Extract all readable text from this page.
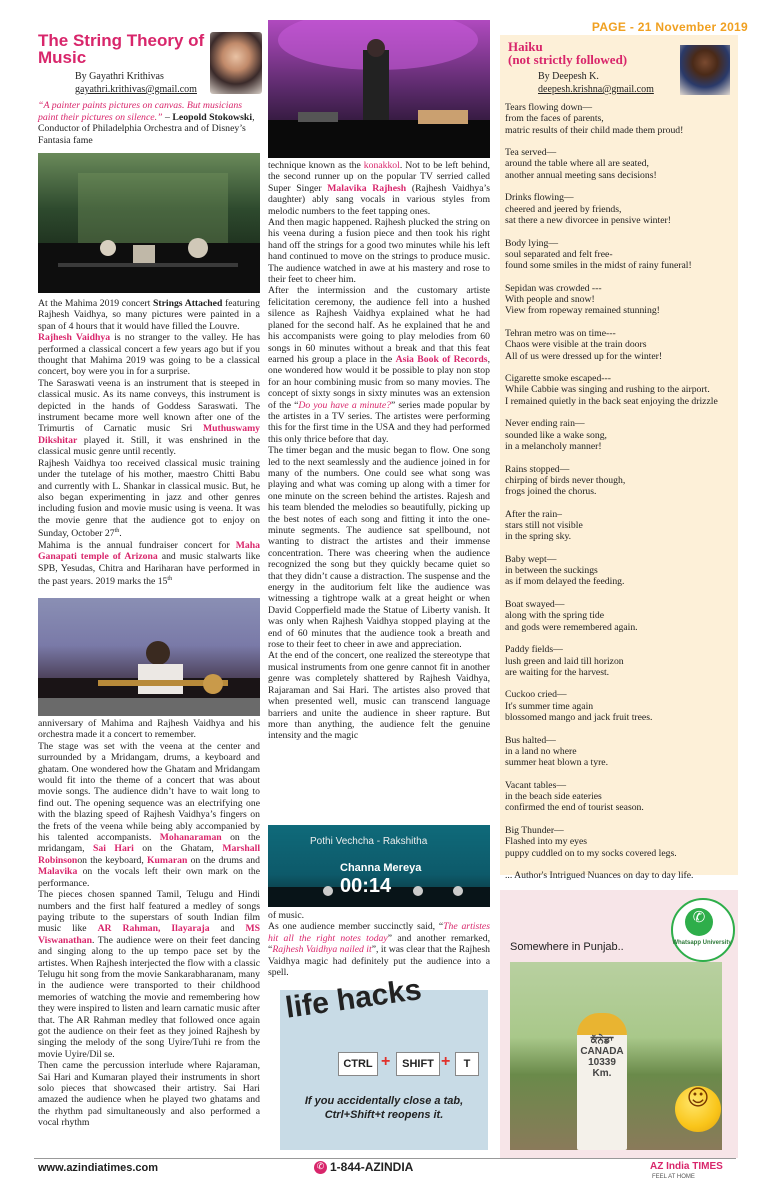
PAGE - 21 November 2019
The String Theory of Music
By Gayathri Krithivas
gayathri.krithivas@gmail.com
“A painter paints pictures on canvas. But musicians paint their pictures on silence.” – Leopold Stokowski, Conductor of Philadelphia Orchestra and of Disney’s Fantasia fame
Pothi Vechcha - Rakshitha
Channa Mereya
00:14

At the Mahima 2019 concert Strings Attached featuring Rajhesh Vaidhya, so many pictures were painted in a span of 4 hours that it would have filled the Louvre.

Rajhesh Vaidhya is no stranger to the valley. He has performed a classical concert a few years ago but if you thought that Mahima 2019 was going to be a classical concert, boy were you in for a surprise.

The Saraswati veena is an instrument that is steeped in classical music. As its name conveys, this instrument is depicted in the hands of Goddess Saraswati. The instrument became more well known after one of the Trimurtis of Carnatic music Sri Muthuswamy Dikshitar played it. Still, it was enshrined in the classical music genre until recently.

Rajhesh Vaidhya too received classical music training under the tutelage of his mother, maestro Chitti Babu and currently with L. Shankar in classical music. But, he also began experimenting in jazz and other genres including fusion and movie music using is veena. It was the movie genre that the audience got to enjoy on Sunday, October 27th.

Mahima is the annual fundraiser concert for Maha Ganapati temple of Arizona and music stalwarts like SPB, Yesudas, Chitra and Hariharan have performed in the past years. 2019 marks the 15th

anniversary of Mahima and Rajhesh Vaidhya and his orchestra made it a concert to remember.

The stage was set with the veena at the center and surrounded by a Mridangam, drums, a keyboard and ghatam. One wondered how the Ghatam and Mridangam would fit into the theme of a concert that was about movie songs. The audience didn’t have to wait long to find out. The opening sequence was an electrifying one with the blazing speed of Rajhesh Vaidhya’s fingers on the frets of the veena while being ably accompanied by his talented accompanists. Mohanaraman on the mridangam, Sai Hari on the Ghatam, Marshall Robinsonon the keyboard, Kumaran on the drums and Malavika on the vocals left their own mark on the performance.

The pieces chosen spanned Tamil, Telugu and Hindi numbers and the first half featured a medley of songs paying tribute to the superstars of south Indian film music like AR Rahman, Ilayaraja and MS Viswanathan. The audience were on their feet dancing and singing along to the up tempo pace set by the artistes. When Rajhesh interjected the flow with a classic Telugu hit song from the movie Sankarabharanam, many in the audience were transported to their childhood memories of watching the movie and remembering how they were inspired to listen and learn carnatic music after that. The AR Rahman medley that followed once again got the audience on their feet as they joined Rajhesh by singing the melody of the song Uyire/Tuhi re from the movie Uyire/Dil se.

Then came the percussion interlude where Rajaraman, Sai Hari and Kumaran played their instruments in short solo pieces that showcased their artistry. Sai Hari amazed the audience when he played two ghatams and the rhythm pad simultaneously and also performed a vocal rhythm

technique known as the konakkol. Not to be left behind, the second runner up on the popular TV serried called Super Singer Malavika Rajhesh (Rajhesh Vaidhya’s daughter) ably sang vocals in various styles from melodic numbers to the feet tapping ones.

And then magic happened. Rajhesh plucked the string on his veena during a fusion piece and then took his right hand off the strings for a good two minutes while his left hand continued to move on the strings to produce music. The audience watched in awe at his mastery and rose to their feet to cheer him.

After the intermission and the customary artiste felicitation ceremony, the audience fell into a hushed silence as Rajhesh Vaidhya explained what he had planed for the second half. As he explained that he and his accompanists were going to play melodies from 60 songs in 60 minutes without a break and that this feat earned his group a place in the Asia Book of Records, one wondered how would it be possible to play non stop for an hour combining music from so many movies. The concept of sixty songs in sixty minutes was an extension of the “Do you have a minute?” series made popular by the artistes in a TV series. The artistes were performing this for the first time in the USA and they had performed this only thrice before that day.

The timer began and the music began to flow. One song led to the next seamlessly and the audience joined in for many of the numbers. One could see what song was playing and what was coming up along with a timer for one minute on the screen behind the artistes. Rajesh and his team blended the melodies so beautifully, picking up the best notes of each song and fitting it into the one-minute segments. The audience sat spellbound, not wanting to distract the artistes and their immense concentration. There was cheering when the audience recognized the song but they quickly became quiet so that they didn’t cause a distraction. The suspense and the energy in the auditorium felt like the audience was witnessing a tightrope walk at a great height or when David Copperfield made the Statue of Liberty vanish. It was only when Rajhesh Vaidhya stopped playing at the end of 60 minutes that the audience took a breath and rose to their feet to cheer in awe and appreciation.

At the end of the concert, one realized the stereotype that musical instruments from one genre cannot fit in another genre was completely shattered by Rajhesh Vaidhya, Rajaraman and Sai Hari. The artistes also proved that when presented well, music can transcend language barriers and unite the audience in sheer rapture. But more than anything, the audience felt the genuine intensity and the magic

of music.

As one audience member succinctly said, “The artistes hit all the right notes today” and another remarked, “Rajhesh Vaidhya nailed it”, it was clear that the Rajhesh Vaidhya magic had definitely put the audience into a spell.

life hacks
CTRL +	SHIFT +	T
If you accidentally close a tab, Ctrl+Shift+t reopens it.
Haiku
(not strictly followed)
By Deepesh K.
deepesh.krishna@gmail.com

Tears flowing down—
from the faces of parents,
matric results of their child made them proud!

Tea served—
around the table where all are seated,
another annual meeting sans decisions!

Drinks flowing—
cheered and jeered by friends,
sat there a new divorcee in pensive winter!

Body lying—
soul separated and felt free-
found some smiles in the midst of rainy funeral!

Sepidan was crowded ---
With people and snow!
View from ropeway remained stunning!

Tehran metro was on time---
Chaos were visible at the train doors
All of us were dressed up for the winter!

Cigarette smoke escaped---
While Cabbie was singing and rushing to the airport.
I remained quietly in the back seat enjoying the drizzle

Never ending rain—
sounded like a wake song,
in a melancholy manner!

Rains stopped—
chirping of birds never though,
frogs joined the chorus.

After the rain–
stars still not visible
in the spring sky.

Baby wept—
in between the suckings
as if mom delayed the feeding.

Boat swayed—
along with the spring tide
and gods were remembered again.

Paddy fields—
lush green and laid till horizon
are waiting for the harvest.

Cuckoo cried—
It's summer time again
blossomed mango and jack fruit trees.

Bus halted—
in a land no where
summer heat blown a tyre.

Vacant tables—
in the beach side eateries
confirmed the end of tourist season.

Big Thunder—
Flashed into my eyes
puppy cuddled on to my socks covered legs.

... Author's Intrigued Nuances on day to day life.

Somewhere in Punjab..
ਕੱਨੇਡਾ
CANADA
10339
Km.
✆
Whatsapp University
☺
www.azindiatimes.com	✆ 1-844-AZINDIA	AZ India TIMES
FEEL AT HOME
